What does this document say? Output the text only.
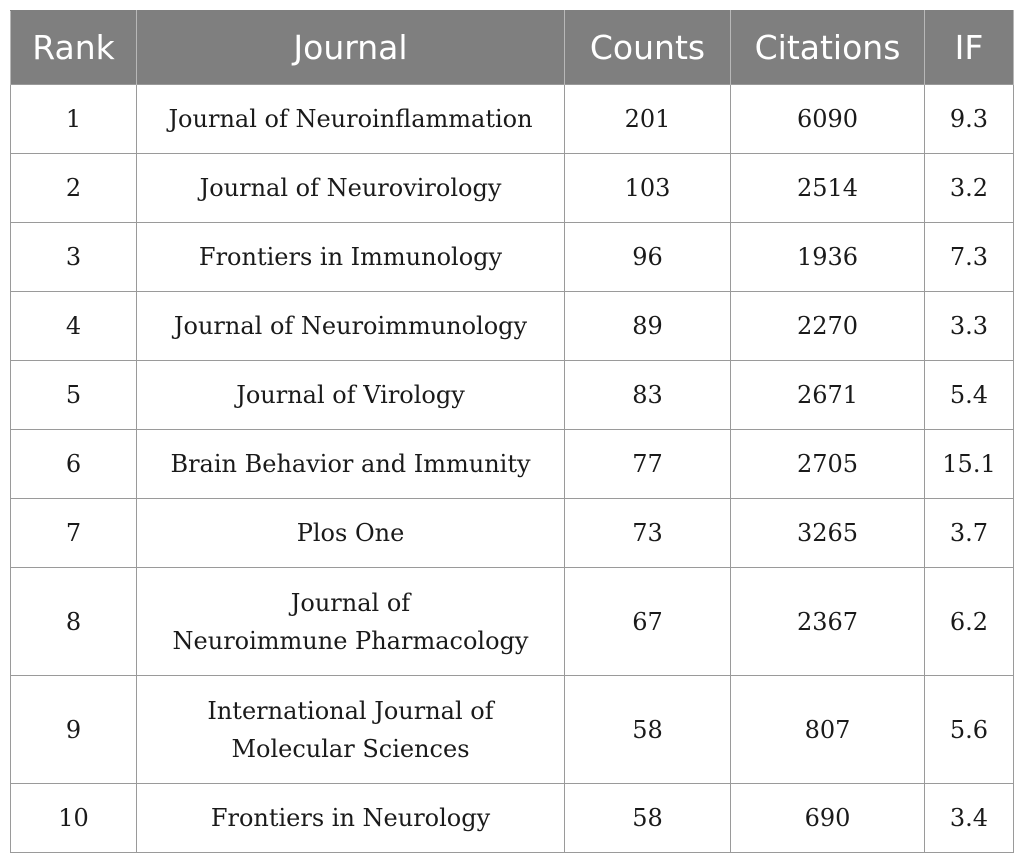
Rank	Journal	Counts	Citations	IF
1	Journal of Neuroinflammation	201	6090	9.3
2	Journal of Neurovirology	103	2514	3.2
3	Frontiers in Immunology	96	1936	7.3
4	Journal of Neuroimmunology	89	2270	3.3
5	Journal of Virology	83	2671	5.4
6	Brain Behavior and Immunity	77	2705	15.1
7	Plos One	73	3265	3.7
8	Journal of
Neuroimmune Pharmacology	67	2367	6.2
9	International Journal of
Molecular Sciences	58	807	5.6
10	Frontiers in Neurology	58	690	3.4
